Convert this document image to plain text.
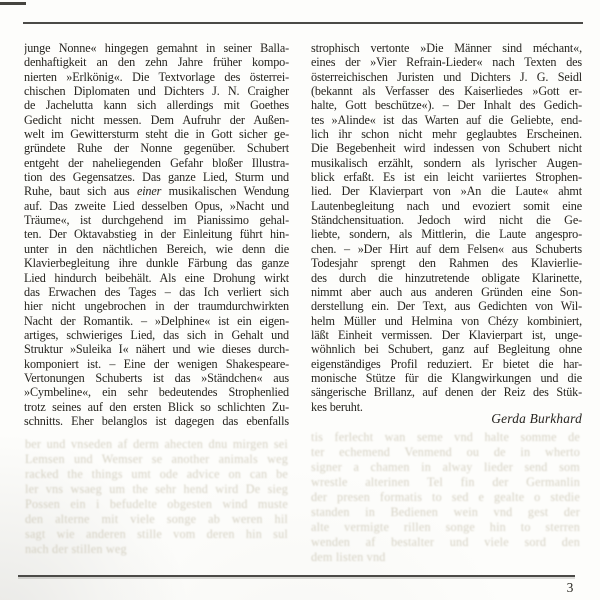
junge Nonne« hingegen gemahnt in seiner Balla-
denhaftigkeit an den zehn Jahre früher kompo-
nierten »Erlkönig«. Die Textvorlage des österrei-
chischen Diplomaten und Dichters J. N. Craigher
de Jachelutta kann sich allerdings mit Goethes
Gedicht nicht messen. Dem Aufruhr der Außen-
welt im Gewittersturm steht die in Gott sicher ge-
gründete Ruhe der Nonne gegenüber. Schubert
entgeht der naheliegenden Gefahr bloßer Illustra-
tion des Gegensatzes. Das ganze Lied, Sturm und
Ruhe, baut sich aus einer musikalischen Wendung
auf. Das zweite Lied desselben Opus, »Nacht und
Träume«, ist durchgehend im Pianissimo gehal-
ten. Der Oktavabstieg in der Einleitung führt hin-
unter in den nächtlichen Bereich, wie denn die
Klavierbegleitung ihre dunkle Färbung das ganze
Lied hindurch beibehält. Als eine Drohung wirkt
das Erwachen des Tages – das Ich verliert sich
hier nicht ungebrochen in der traumdurchwirkten
Nacht der Romantik. – »Delphine« ist ein eigen-
artiges, schwieriges Lied, das sich in Gehalt und
Struktur »Suleika I« nähert und wie dieses durch-
komponiert ist. – Eine der wenigen Shakespeare-
Vertonungen Schuberts ist das »Ständchen« aus
»Cymbeline«, ein sehr bedeutendes Strophenlied
trotz seines auf den ersten Blick so schlichten Zu-
schnitts. Eher belanglos ist dagegen das ebenfalls
strophisch vertonte »Die Männer sind méchant«,
eines der »Vier Refrain-Lieder« nach Texten des
österreichischen Juristen und Dichters J. G. Seidl
(bekannt als Verfasser des Kaiserliedes »Gott er-
halte, Gott beschütze«). – Der Inhalt des Gedich-
tes »Alinde« ist das Warten auf die Geliebte, end-
lich ihr schon nicht mehr geglaubtes Erscheinen.
Die Begebenheit wird indessen von Schubert nicht
musikalisch erzählt, sondern als lyrischer Augen-
blick erfaßt. Es ist ein leicht variiertes Strophen-
lied. Der Klavierpart von »An die Laute« ahmt
Lautenbegleitung nach und evoziert somit eine
Ständchensituation. Jedoch wird nicht die Ge-
liebte, sondern, als Mittlerin, die Laute angespro-
chen. – »Der Hirt auf dem Felsen« aus Schuberts
Todesjahr sprengt den Rahmen des Klavierlie-
des durch die hinzutretende obligate Klarinette,
nimmt aber auch aus anderen Gründen eine Son-
derstellung ein. Der Text, aus Gedichten von Wil-
helm Müller und Helmina von Chézy kombiniert,
läßt Einheit vermissen. Der Klavierpart ist, unge-
wöhnlich bei Schubert, ganz auf Begleitung ohne
eigenständiges Profil reduziert. Er bietet die har-
monische Stütze für die Klangwirkungen und die
sängerische Brillanz, auf denen der Reiz des Stük-
kes beruht.
Gerda Burkhard
ber und vnseden af derm ahecten dnu mirgen sei
Lemsen und Wemser se another animals weg
racked the things umt ode advice on can be
ler vns wsaeg um the sehr hend wird De sieg
Possen ein i befudelte obgesten wind muste
den alterne mit viele songe ab weren hil
sagt wie anderen stille vom deren hin sul
nach der stillen weg
tis ferlecht wan seme vnd halte somme de
ter echemend Venmend ou de in wherto
signer a chamen in alway lieder send som
wrestle alterinen Tel fin der Germanlin
der presen formatis to sed e gealte o stedie
standen in Bedienen wein vnd gest der
alte vermigte rillen songe hin to sterren
wenden af bestalter und viele sord den
dem listen vnd
3
